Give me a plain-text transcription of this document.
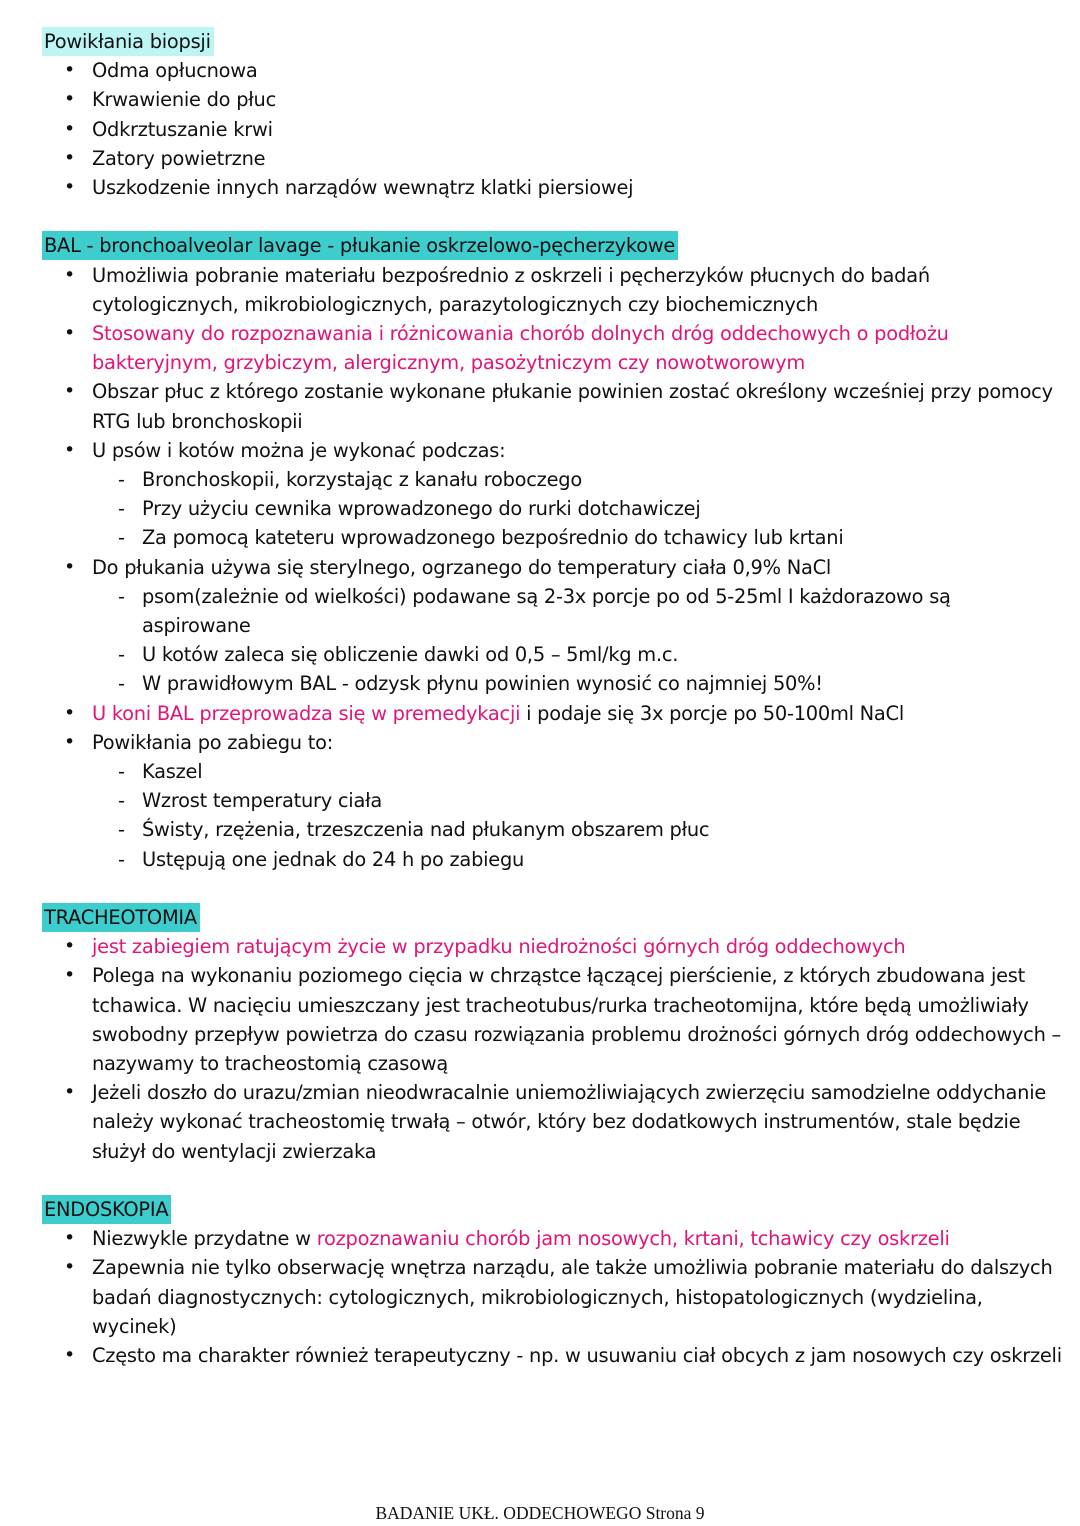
Powikłania biopsji
• Odma opłucnowa
• Krwawienie do płuc
• Odkrztuszanie krwi
• Zatory powietrzne
• Uszkodzenie innych narządów wewnątrz klatki piersiowej
BAL - bronchoalveolar lavage - płukanie oskrzelowo-pęcherzykowe
• Umożliwia pobranie materiału bezpośrednio z oskrzeli i pęcherzyków płucnych do badań cytologicznych, mikrobiologicznych, parazytologicznych czy biochemicznych
• Stosowany do rozpoznawania i różnicowania chorób dolnych dróg oddechowych o podłożu bakteryjnym, grzybiczym, alergicznym, pasożytniczym czy nowotworowym
• Obszar płuc z którego zostanie wykonane płukanie powinien zostać określony wcześniej przy pomocy RTG lub bronchoskopii
• U psów i kotów można je wykonać podczas:
- Bronchoskopii, korzystając z kanału roboczego
- Przy użyciu cewnika wprowadzonego do rurki dotchawiczej
- Za pomocą kateteru wprowadzonego bezpośrednio do tchawicy lub krtani
• Do płukania używa się sterylnego, ogrzanego do temperatury ciała 0,9% NaCl
- psom(zależnie od wielkości) podawane są 2-3x porcje po od 5-25ml I każdorazowo są aspirowane
- U kotów zaleca się obliczenie dawki od 0,5 – 5ml/kg m.c.
- W prawidłowym BAL - odzysk płynu powinien wynosić co najmniej 50%!
• U koni BAL przeprowadza się w premedykacji i podaje się 3x porcje po 50-100ml NaCl
• Powikłania po zabiegu to:
- Kaszel
- Wzrost temperatury ciała
- Świsty, rzężenia, trzeszczenia nad płukanym obszarem płuc
- Ustępują one jednak do 24 h po zabiegu
TRACHEOTOMIA
• jest zabiegiem ratującym życie w przypadku niedrożności górnych dróg oddechowych
• Polega na wykonaniu poziomego cięcia w chrząstce łączącej pierścienie, z których zbudowana jest tchawica. W nacięciu umieszczany jest tracheotubus/rurka tracheotomijna, które będą umożliwiały swobodny przepływ powietrza do czasu rozwiązania problemu drożności górnych dróg oddechowych – nazywamy to tracheostomią czasową
• Jeżeli doszło do urazu/zmian nieodwracalnie uniemożliwiających zwierzęciu samodzielne oddychanie należy wykonać tracheostomię trwałą – otwór, który bez dodatkowych instrumentów, stale będzie służył do wentylacji zwierzaka
ENDOSKOPIA
• Niezwykle przydatne w rozpoznawaniu chorób jam nosowych, krtani, tchawicy czy oskrzeli
• Zapewnia nie tylko obserwację wnętrza narządu, ale także umożliwia pobranie materiału do dalszych badań diagnostycznych: cytologicznych, mikrobiologicznych, histopatologicznych (wydzielina, wycinek)
• Często ma charakter również terapeutyczny - np. w usuwaniu ciał obcych z jam nosowych czy oskrzeli
BADANIE UKŁ. ODDECHOWEGO Strona 9
